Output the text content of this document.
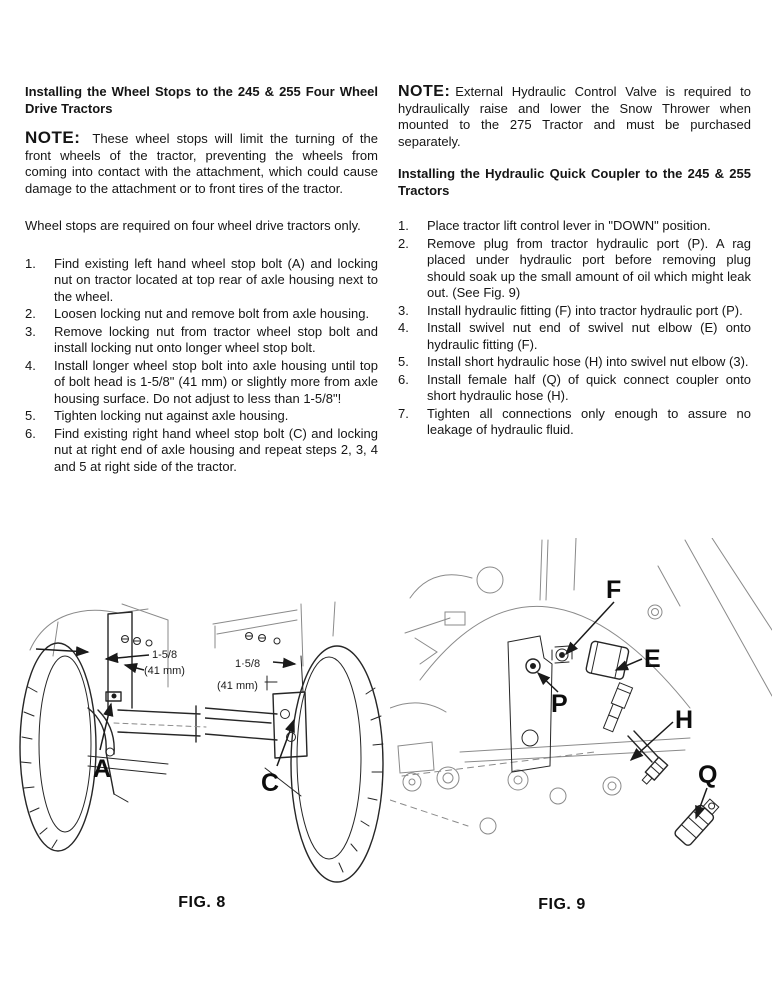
Installing the Wheel Stops to the 245 & 255 Four Wheel Drive Tractors
NOTE: These wheel stops will limit the turning of the front wheels of the tractor, preventing the wheels from coming into contact with the attachment, which could cause damage to the attachment or to front tires of the tractor.
Wheel stops are required on four wheel drive tractors only.
1.	Find existing left hand wheel stop bolt (A) and locking nut on tractor located at top rear of axle housing next to the wheel.
2.	Loosen locking nut and remove bolt from axle housing.
3.	Remove locking nut from tractor wheel stop bolt and install locking nut onto longer wheel stop bolt.
4.	Install longer wheel stop bolt into axle housing until top of bolt head is 1-5/8" (41 mm) or slightly more from axle housing surface. Do not adjust to less than 1-5/8"!
5.	Tighten locking nut against axle housing.
6.	Find existing right hand wheel stop bolt (C) and locking nut at right end of axle housing and repeat steps 2, 3, 4 and 5 at right side of the tractor.
NOTE: External Hydraulic Control Valve is required to hydraulically raise and lower the Snow Thrower when mounted to the 275 Tractor and must be purchased separately.
Installing the Hydraulic Quick Coupler to the 245 & 255 Tractors
1.	Place tractor lift control lever in "DOWN" position.
2.	Remove plug from tractor hydraulic port (P). A rag placed under hydraulic port before removing plug should soak up the small amount of oil which might leak out. (See Fig. 9)
3.	Install hydraulic fitting (F) into tractor hydraulic port (P).
4.	Install swivel nut end of swivel nut elbow (E) onto hydraulic fitting (F).
5.	Install short hydraulic hose (H) into swivel nut elbow (3).
6.	Install female half (Q) of quick connect coupler onto short hydraulic hose (H).
7.	Tighten all connections only enough to assure no leakage of hydraulic fluid.
1-5/8
(41 mm)
A
1·5/8
(41 mm)
C
F
E
P
H
Q
FIG. 8	FIG. 9
